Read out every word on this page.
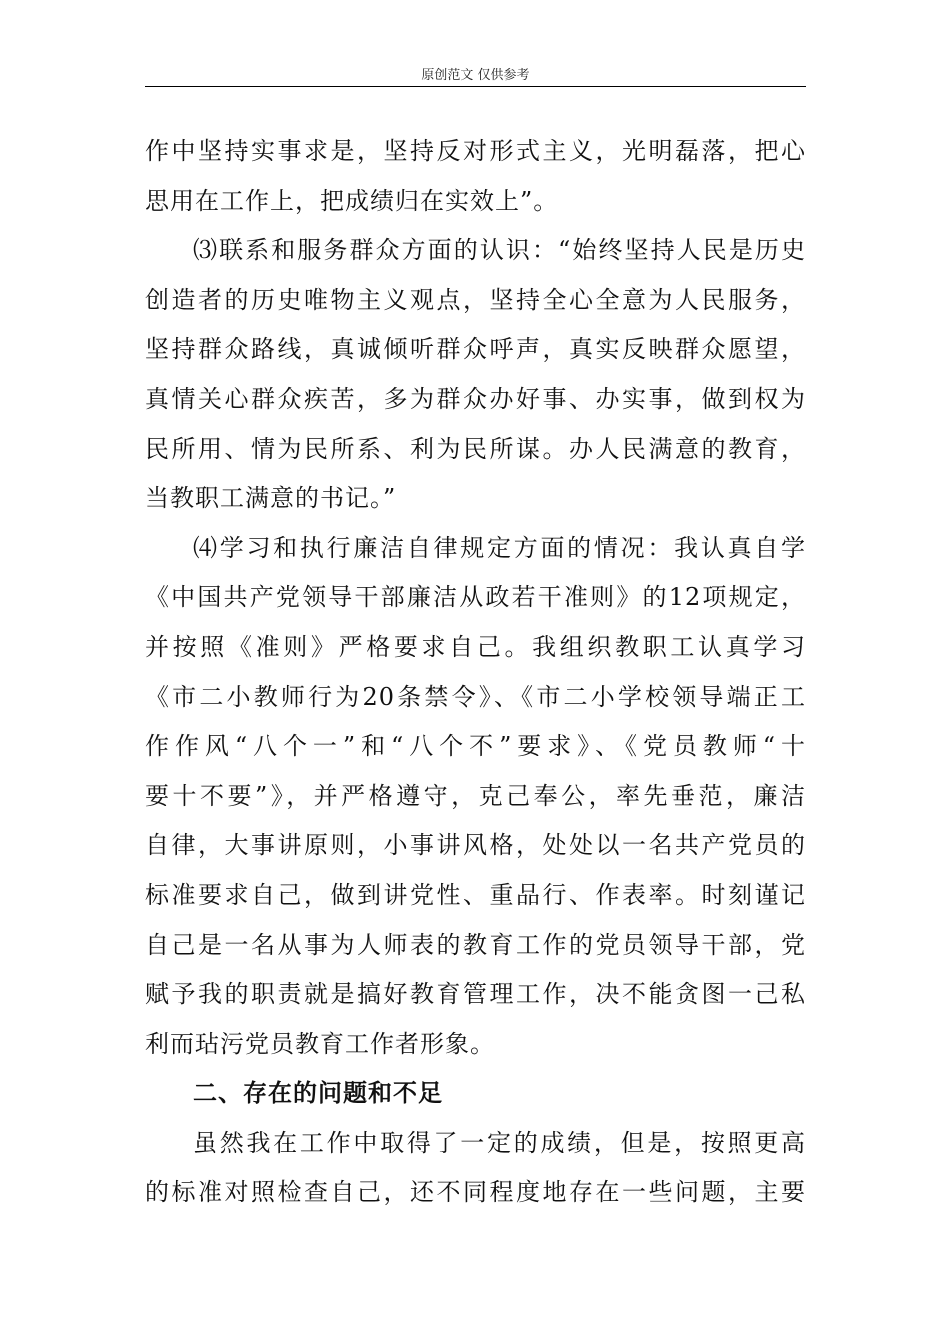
原创范文 仅供参考
作中坚持实事求是，坚持反对形式主义，光明磊落，把心
思用在工作上，把成绩归在实效上”。
⑶联系和服务群众方面的认识：“始终坚持人民是历史
创造者的历史唯物主义观点，坚持全心全意为人民服务，
坚持群众路线，真诚倾听群众呼声，真实反映群众愿望，
真情关心群众疾苦，多为群众办好事、办实事，做到权为
民所用、情为民所系、利为民所谋。办人民满意的教育，
当教职工满意的书记。”
⑷学习和执行廉洁自律规定方面的情况：我认真自学
《中国共产党领导干部廉洁从政若干准则》的12项规定，
并按照《准则》严格要求自己。我组织教职工认真学习
《市二小教师行为20条禁令》、《市二小学校领导端正工
作作风“八个一”和“八个不”要求》、《党员教师“十
要十不要”》，并严格遵守，克己奉公，率先垂范，廉洁
自律，大事讲原则，小事讲风格，处处以一名共产党员的
标准要求自己，做到讲党性、重品行、作表率。时刻谨记
自己是一名从事为人师表的教育工作的党员领导干部，党
赋予我的职责就是搞好教育管理工作，决不能贪图一己私
利而玷污党员教育工作者形象。
二、存在的问题和不足
虽然我在工作中取得了一定的成绩，但是，按照更高
的标准对照检查自己，还不同程度地存在一些问题，主要
